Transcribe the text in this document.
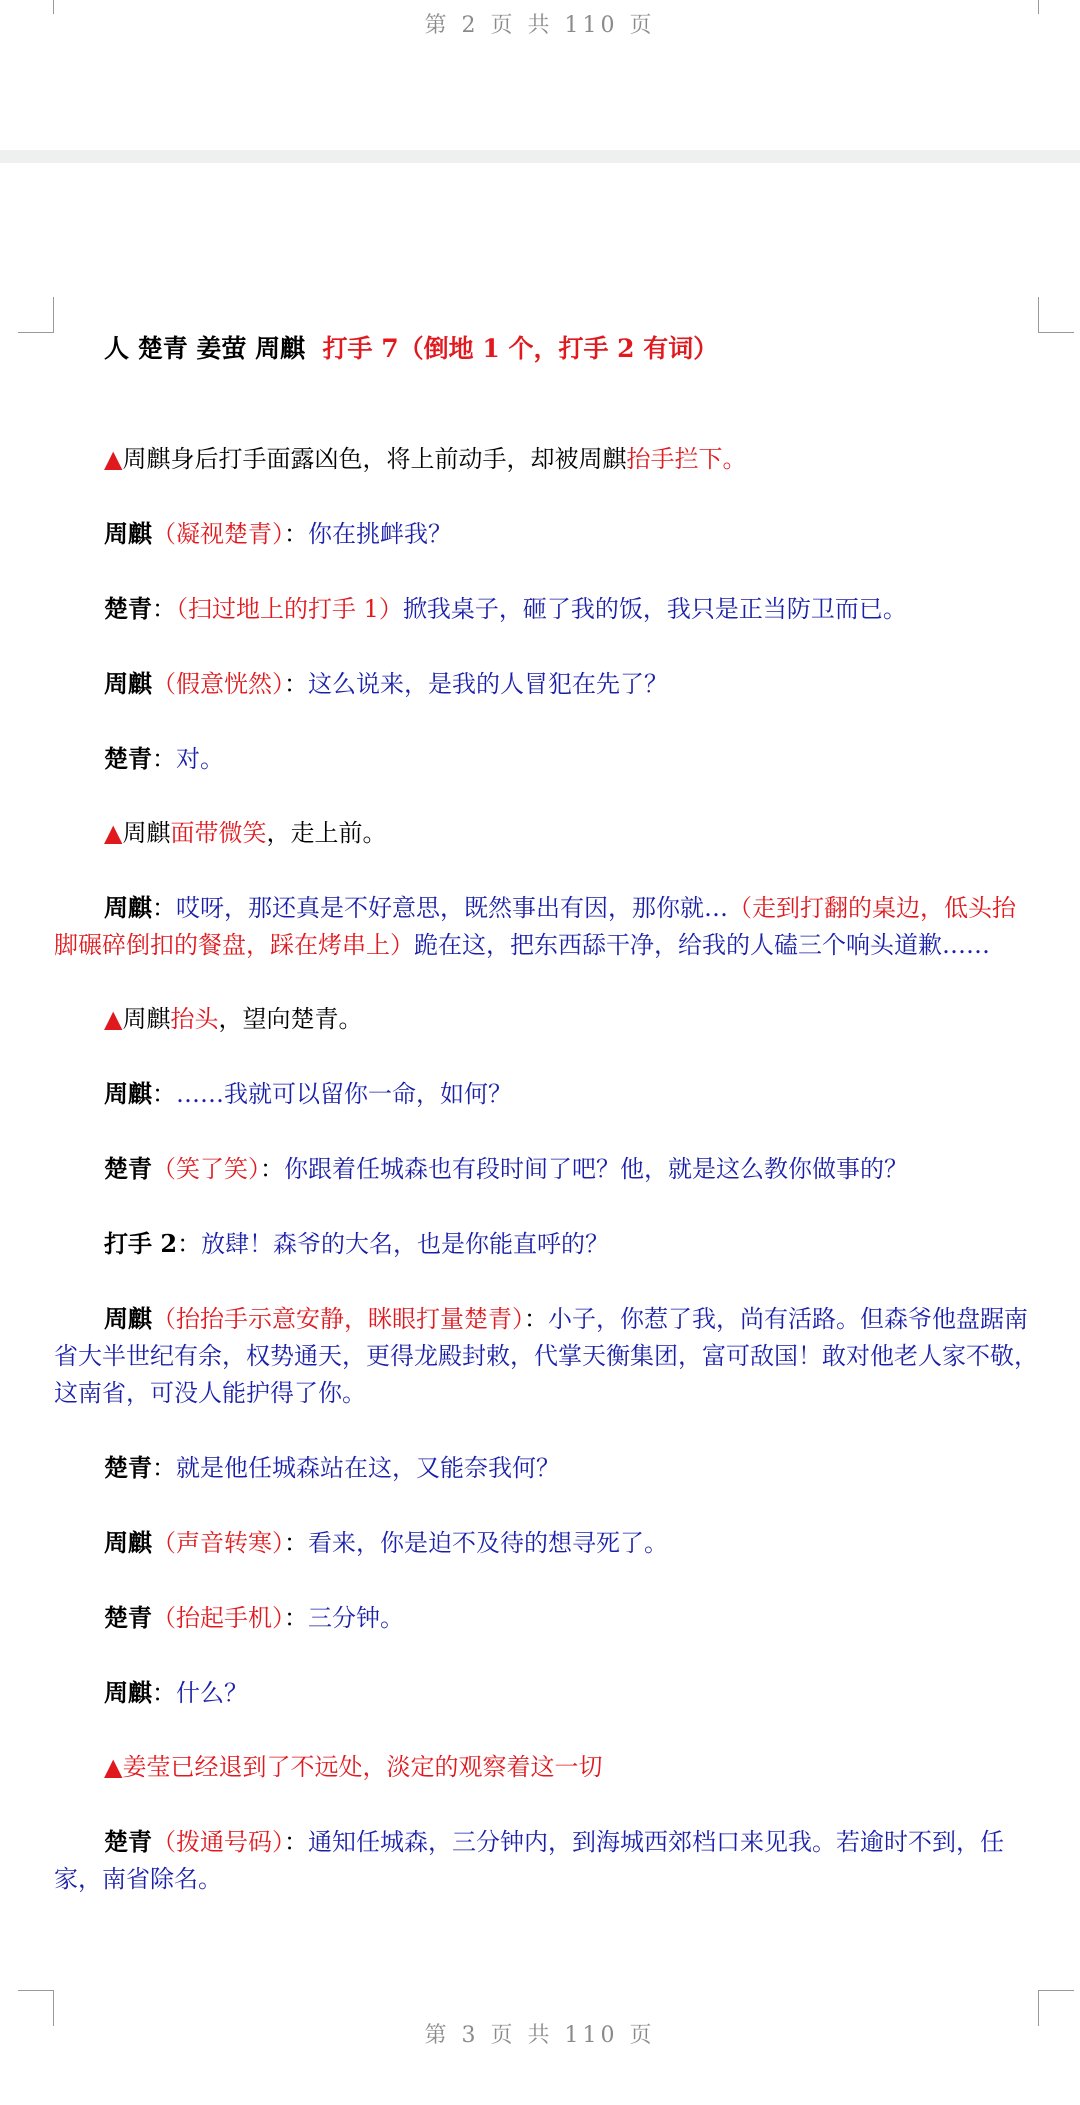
第 2 页 共 110 页
人 楚青 姜萤 周麒 打手 7（倒地 1 个，打手 2 有词）
▲周麒身后打手面露凶色，将上前动手，却被周麒抬手拦下。
周麒（凝视楚青）：你在挑衅我？
楚青：（扫过地上的打手 1）掀我桌子，砸了我的饭，我只是正当防卫而已。
周麒（假意恍然）：这么说来，是我的人冒犯在先了？
楚青：对。
▲周麒面带微笑，走上前。
周麒：哎呀，那还真是不好意思，既然事出有因，那你就…（走到打翻的桌边，低头抬脚碾碎倒扣的餐盘，踩在烤串上）跪在这，把东西舔干净，给我的人磕三个响头道歉……
▲周麒抬头，望向楚青。
周麒：……我就可以留你一命，如何？
楚青（笑了笑）：你跟着任城森也有段时间了吧？他，就是这么教你做事的？
打手 2：放肆！森爷的大名，也是你能直呼的？
周麒（抬抬手示意安静，眯眼打量楚青）：小子，你惹了我，尚有活路。但森爷他盘踞南省大半世纪有余，权势通天，更得龙殿封敕，代掌天衡集团，富可敌国！敢对他老人家不敬，这南省，可没人能护得了你。
楚青：就是他任城森站在这，又能奈我何？
周麒（声音转寒）：看来，你是迫不及待的想寻死了。
楚青（抬起手机）：三分钟。
周麒：什么？
▲姜莹已经退到了不远处，淡定的观察着这一切
楚青（拨通号码）：通知任城森，三分钟内，到海城西郊档口来见我。若逾时不到，任家，南省除名。
第 3 页 共 110 页
